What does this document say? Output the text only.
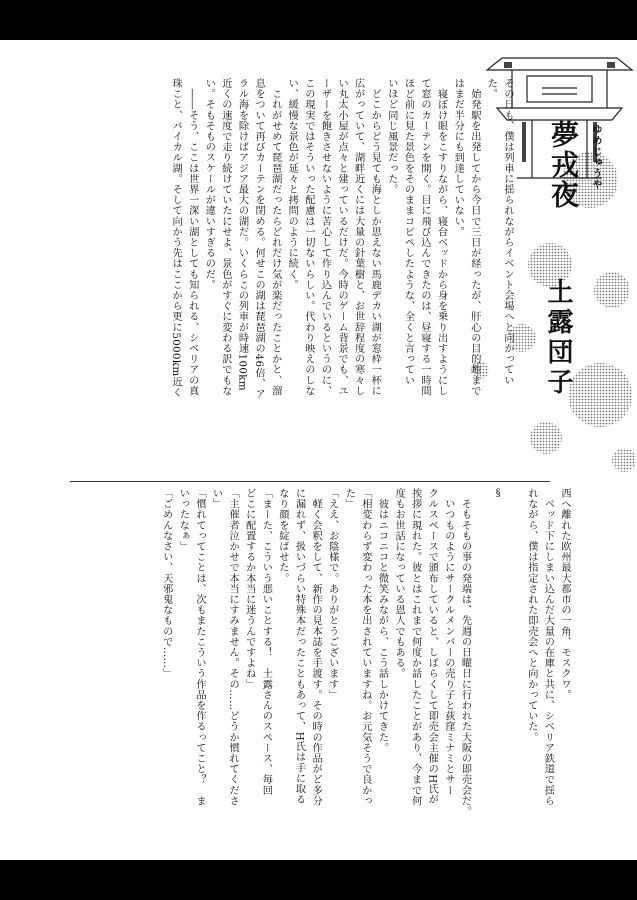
ゆめじゅうや
夢戎夜
土露団子
その日も、僕は列車に揺られながらイベント会場へと向かってい
た。
　始発駅を出発してから今日で三日が経ったが、肝心の目的地まで
はまだ半分にも到達していない。
　寝ぼけ眼をこすりながら、寝台ベッドから身を乗り出すようにし
て窓のカーテンを開く。目に飛び込んできたのは、昼寝する一時間
ほど前に見た景色をそのままコピペしたような、全くと言ってい
いほど同じ風景だった。
　どこからどう見ても海としか思えない馬鹿デカい湖が窓枠一杯に
広がっていて、湖畔近くには大量の針葉樹と、お世辞程度の寒々し
い丸太小屋が点々と建っているだけだ。今時のゲーム背景でも、ユ
ーザーを飽きさせないように苦心して作り込んでいるというのに、
この現実ではそういった配慮は一切ないらしい。代わり映えのしな
い、緩慢な景色が延々と拷問のように続く。
　これがせめて琵琶湖だったらどれだけ気が楽だったことかと、溜
息をついて再びカーテンを閉める。何せこの湖は琵琶湖の46倍、ア
ラル海を除けばアジア最大の湖だ。いくらこの列車が時速100km
近くの速度で走り続けていたにせよ、景色がすぐに変わる訳でもな
い。そもそものスケールが違いすぎるのだ。
　――そう、ここは世界一深い湖としても知られる、シベリアの真
珠こと、バイカル湖。そして向かう先はここから更に5000km近く
西へ離れた欧州最大都市の一角、モスクワ。
　ベッド下にしまい込んだ大量の在庫と共に、シベリア鉄道で揺ら
れながら、僕は指定された即売会へと向かっていた。

§

　そもそもの事の発端は、先週の日曜日に行われた大阪の即売会だ。
　いつものようにサークルメンバーの売り子と荻窪ミナミとサー
クルスペースで頒布していると、しばらくして即売会主催のH氏が
挨拶に現れた。彼とはこれまで何度か話したことがあり、今まで何
度もお世話になっている恩人でもある。
　彼はニコニコと微笑みながら、こう話しかけてきた。
「相変わらず変わった本を出されていますね。お元気そうで良かっ
た」
「ええ、お陰様で。ありがとうございます」
　軽く会釈をして、新作の見本誌を手渡す。その時の作品がど多分
に漏れず、扱いづらい特殊本だったこともあって、H氏は手に取る
なり顔を綻ばせた。
「まーた、こういう悪いことする！　土露さんのスペース、毎回
どこに配置するか本当に迷うんですよね」
「主催者泣かせで本当にすみません。その……どうか慣れてくださ
い」
「慣れてってことは、次もまたこういう作品を作るってこと？　ま
いったなぁ」
「ごめんなさい、天邪鬼なもので……」
